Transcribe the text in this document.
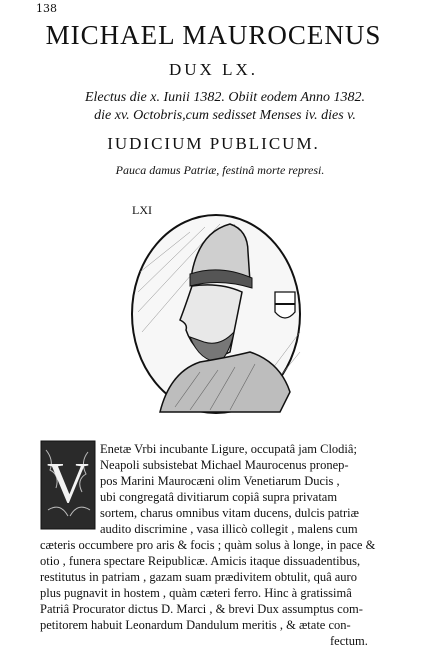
138
MICHAEL MAUROCENUS
DUX LX.
Electus die x. Iunii 1382. Obiit eodem Anno 1382.
die xv. Octobris,cum sedisset Menses iv. dies v.
IUDICIUM PUBLICUM.
Pauca damus Patriæ, festinâ morte represi.
LXI
V
Enetæ Vrbi incubante Ligure, occupatâ jam Clodiâ;
Neapoli subsistebat Michael Maurocenus pronep-
pos Marini Maurocæni olim Venetiarum Ducis ,
ubi congregatâ divitiarum copiâ supra privatam
sortem, charus omnibus vitam ducens, dulcis patriæ
audito discrimine , vasa illicò collegit , malens cum
cæteris occumbere pro aris & focis ; quàm solus à longe, in pace &
otio , funera spectare Reipublicæ. Amicis itaque dissuadentibus,
restitutus in patriam , gazam suam prædivitem obtulit, quâ auro
plus pugnavit in hostem , quàm cæteri ferro. Hinc à gratissimâ
Patriâ Procurator dictus D. Marci , & brevi Dux assumptus com-
petitorem habuit Leonardum Dandulum meritis , & ætate con-
fectum.
